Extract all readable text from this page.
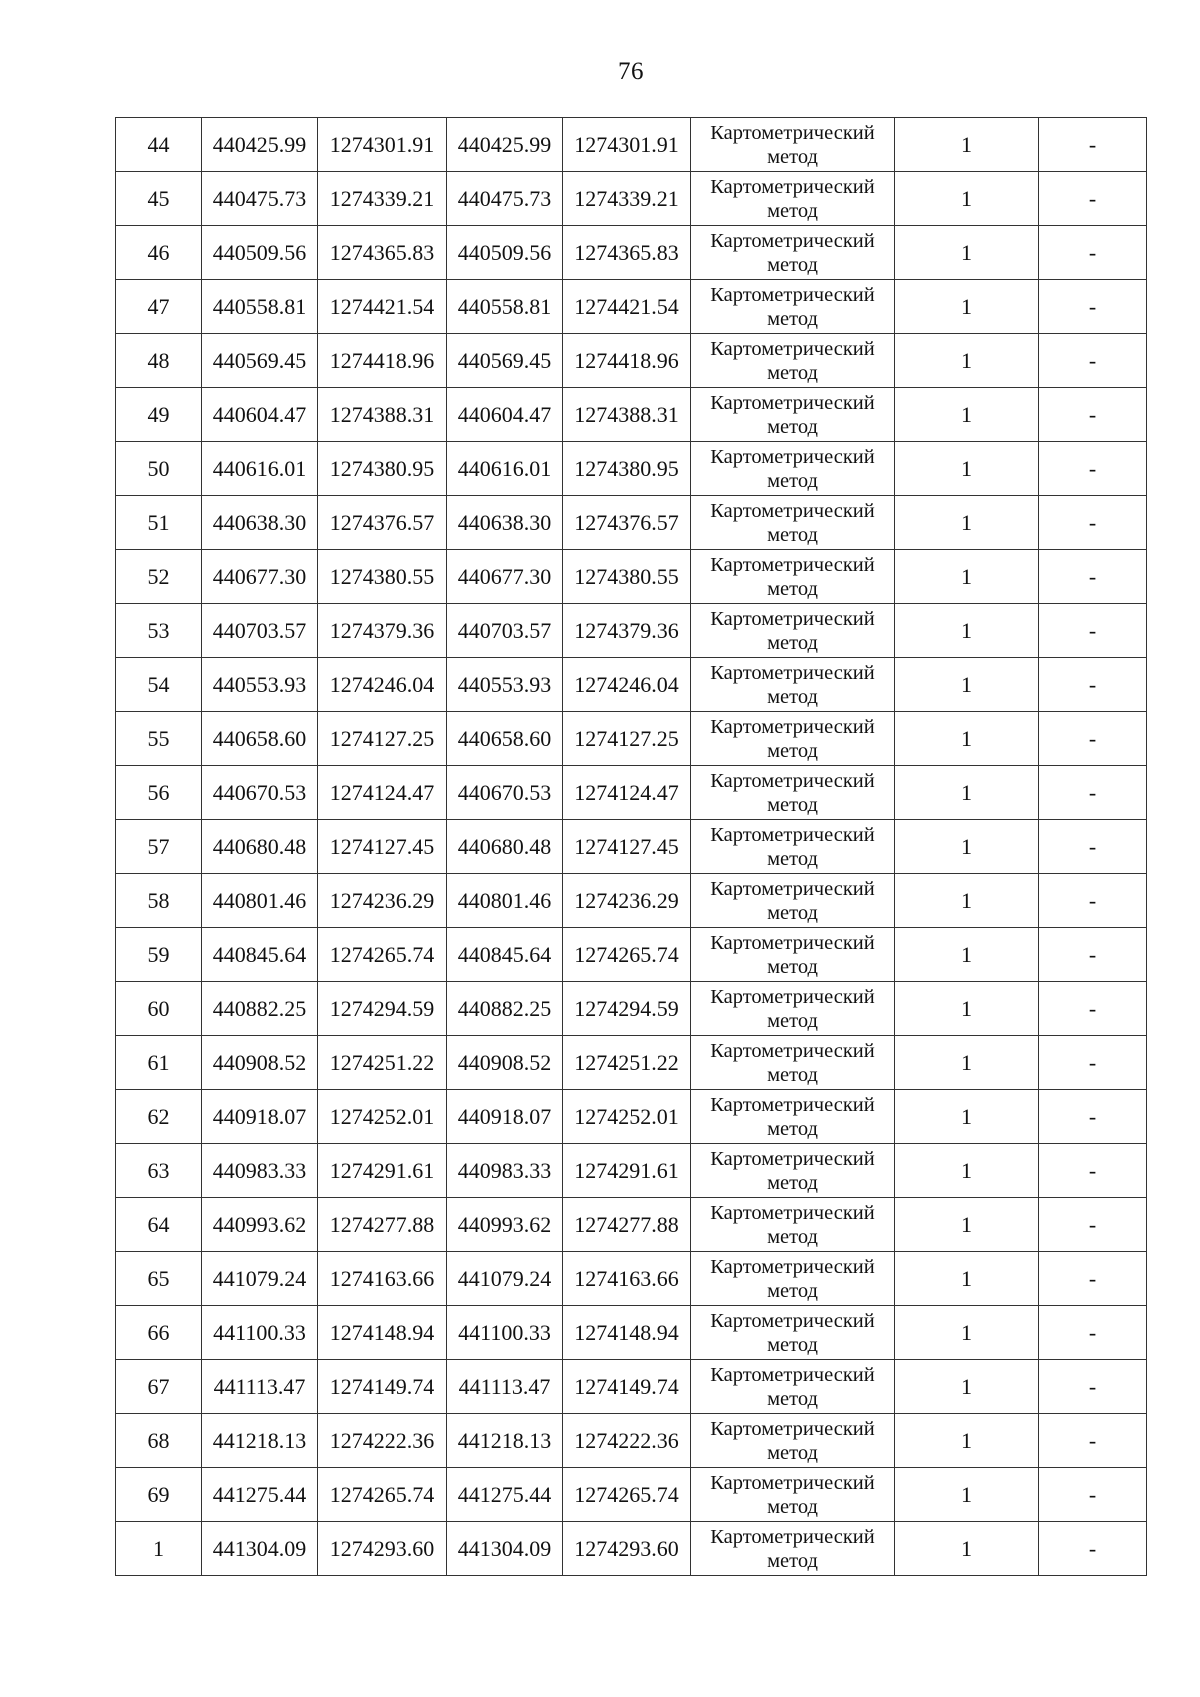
76
44	440425.99	1274301.91	440425.99	1274301.91	Картометрический
метод	1	-
45	440475.73	1274339.21	440475.73	1274339.21	Картометрический
метод	1	-
46	440509.56	1274365.83	440509.56	1274365.83	Картометрический
метод	1	-
47	440558.81	1274421.54	440558.81	1274421.54	Картометрический
метод	1	-
48	440569.45	1274418.96	440569.45	1274418.96	Картометрический
метод	1	-
49	440604.47	1274388.31	440604.47	1274388.31	Картометрический
метод	1	-
50	440616.01	1274380.95	440616.01	1274380.95	Картометрический
метод	1	-
51	440638.30	1274376.57	440638.30	1274376.57	Картометрический
метод	1	-
52	440677.30	1274380.55	440677.30	1274380.55	Картометрический
метод	1	-
53	440703.57	1274379.36	440703.57	1274379.36	Картометрический
метод	1	-
54	440553.93	1274246.04	440553.93	1274246.04	Картометрический
метод	1	-
55	440658.60	1274127.25	440658.60	1274127.25	Картометрический
метод	1	-
56	440670.53	1274124.47	440670.53	1274124.47	Картометрический
метод	1	-
57	440680.48	1274127.45	440680.48	1274127.45	Картометрический
метод	1	-
58	440801.46	1274236.29	440801.46	1274236.29	Картометрический
метод	1	-
59	440845.64	1274265.74	440845.64	1274265.74	Картометрический
метод	1	-
60	440882.25	1274294.59	440882.25	1274294.59	Картометрический
метод	1	-
61	440908.52	1274251.22	440908.52	1274251.22	Картометрический
метод	1	-
62	440918.07	1274252.01	440918.07	1274252.01	Картометрический
метод	1	-
63	440983.33	1274291.61	440983.33	1274291.61	Картометрический
метод	1	-
64	440993.62	1274277.88	440993.62	1274277.88	Картометрический
метод	1	-
65	441079.24	1274163.66	441079.24	1274163.66	Картометрический
метод	1	-
66	441100.33	1274148.94	441100.33	1274148.94	Картометрический
метод	1	-
67	441113.47	1274149.74	441113.47	1274149.74	Картометрический
метод	1	-
68	441218.13	1274222.36	441218.13	1274222.36	Картометрический
метод	1	-
69	441275.44	1274265.74	441275.44	1274265.74	Картометрический
метод	1	-
1	441304.09	1274293.60	441304.09	1274293.60	Картометрический
метод	1	-
